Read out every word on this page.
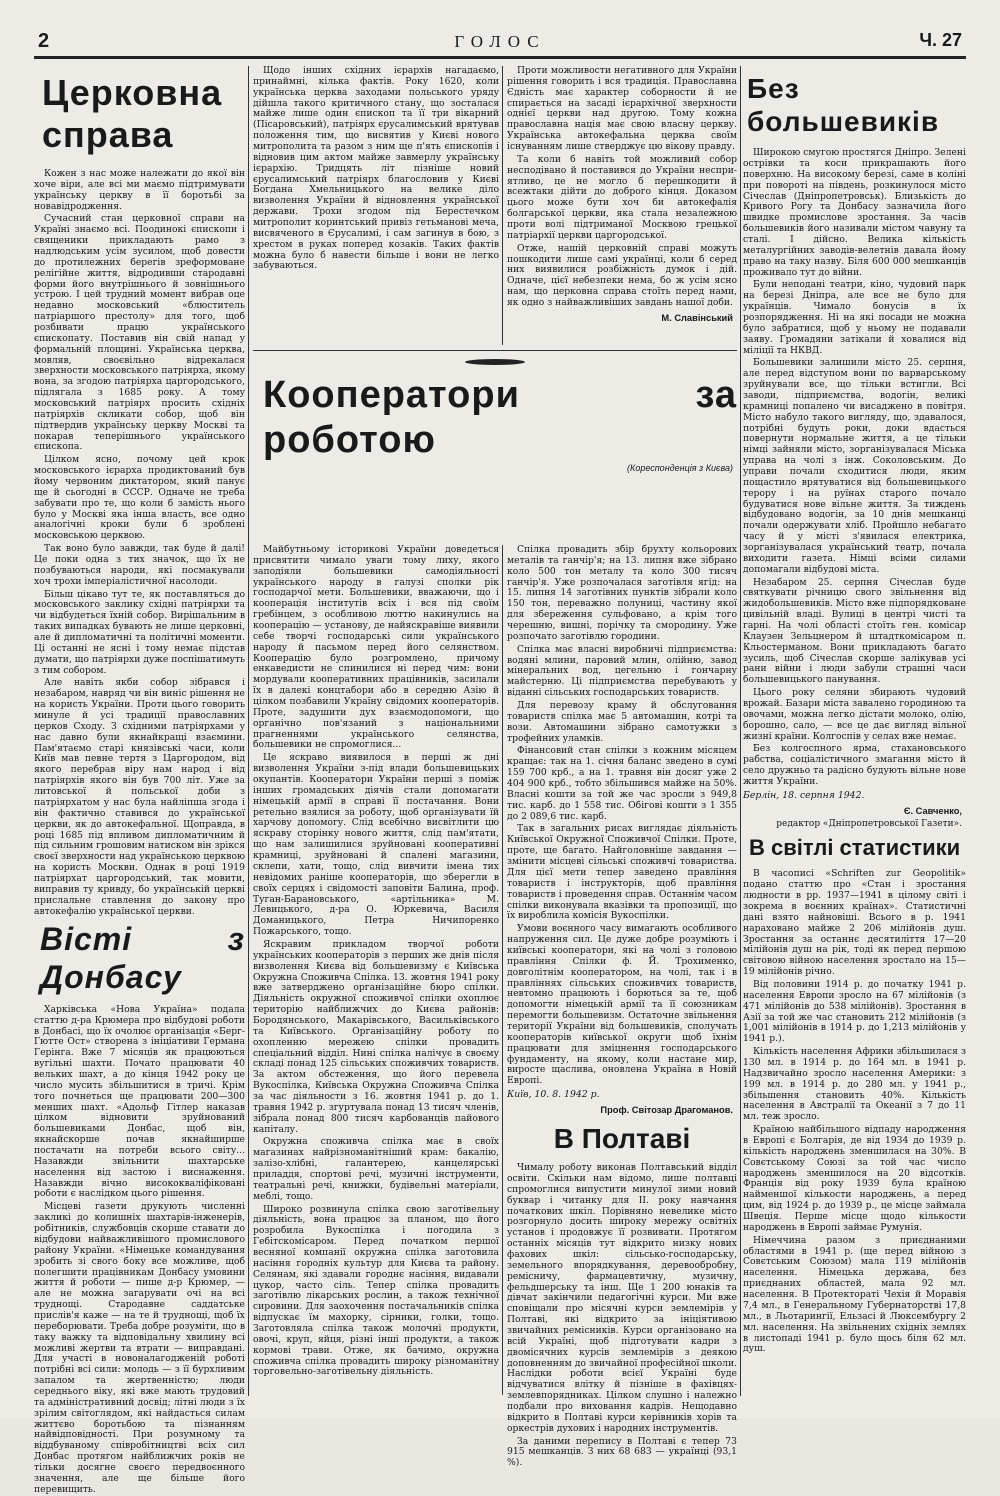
2	ГОЛОС	Ч. 27
Церковна справа

Кожен з нас може належати до якої він хоче віри, але всі ми маємо підтримувати українську церкву в її боротьбі за новавідродження.

Сучасний стан церковної справи на Україні знаємо всі. Поодинокі єпископи і священики прикладають рамо з надлюдським усім зусилом, щоб довести до протилежних берегів зреформоване релігійне життя, відродивши стародавні форми його внутрішнього й зовнішнього устрою. І цей трудний момент вибрав оце недавно московський «блюститель патріаршого престолу» для того, щоб розбивати працю українського єпископату. Поставив він свій напад у формальній площині. Українська церква, мовляв, своєвільно відрекалася зверхности московського патріярха, якому вона, за згодою патріярха царгородського, підлягала з 1685 року. А тому московський патріярх просить східніх патріярхів скликати собор, щоб він підтвердив українську церкву Москві та покарав теперішнього українського єпископа.

Цілком ясно, почому цей крок московського ієрарха продиктований був йому червоним диктатором, який панує ще й сьогодні в СССР. Одначе не треба забувати про те, що коли б замість нього було у Москві яка інша власть, все одно аналогічні кроки були б зроблені московською церквою.

Так воно було завжди, так буде й далі! Це поки одна з тих значок, що їх не позбуваються народи, які посмакували хоч трохи імперіалістичної насолоди.

Більш цікаво тут те, як поставляться до московського заклику східні патріярхи та чи відбудеться їхній собор. Вирішальним в таких випадках бувають не лише церковні, але й дипломатичні та політичні моменти. Ці останні не ясні і тому немає підстав думати, що патріярхи дуже поспішатимуть з тим собором.

Але навіть якби собор зібрався і незабаром, навряд чи він виніс рішення не на користь України. Проти цього говорить минуле й усі традиції православних церков Сходу. З східними патріярхами у нас давно були якнайкращі взаємини. Пам'ятаємо старі князівські часи, коли Київ мав певне тертя з Царгородом, від якого перебрав віру нам народ і від патріярхів якого він був 700 літ. Уже за литовської й польської доби з патріярхатом у нас була найліпша згода і він фактично ставився до української церкви, як до автокефальної. Щоправда, в році 1685 під впливом дипломатичним й під сильним грошовим натиском він зрікся своєї зверхности над українською церквою на користь Москви. Однак в році 1919 патріярхат царгородський, так мовити, виправив ту кривду, бо українській церкві прислальне ставлення до закону про автокефалію української церкви.

Вісті з Донбасу

Харківська «Нова Україна» подала статтю д-ра Крюмера про відбудові роботи в Донбасі, що їх очолює організація «Берг-Гютте Ост» створена з ініціативи Германа Герінга. Вже 7 місяців як працюються вугільні шахти. Почато працювати 40 вельких шахт, а до кінця 1942 року це число мусить збільшитися в тричі. Крім того почнеться ще працювати 200—300 менших шахт. «Адольф Гітлер наказав цілком відновити зруйнований большевиками Донбас, щоб він, якнайскорше почав якнайширше постачати на потреби всього світу... Назавжди звільнити шахтарське населення від застою і виснаження. Назавжди вічно висококваліфіковані роботи є наслідком цього рішення.

Місцеві газети друкують численні закликі до колишніх шахтарів-інженерів, робітників, службовців скорше ставати до відбудови найважливішого промислового району України. «Німецьке командування зробить зі свого боку все можливе, щоб полегшити працівникам Донбасу умовини життя й роботи — пише д-р Крюмер, — але не можна загарувати очі на всі труднощі. Стародавне саддатське прислів'я каже — на те й труднощі, щоб їх переборювати. Треба добре розуміти, що в таку важку та відповідальну хвилину всі можливі жертви та втрати — виправдані. Для участі в новоналагодженій роботі потрібні всі сили: молодь — з її бурхливим запалом та жертвенністю; люди середнього віку, які вже мають трудовий та адміністративний досвід; літні люди з їх зрілим світоглядом, які найдасться силам життєво боротьбою та пізнанням найвідповідності. При розумному та віддбуваному співробітництві всіх сил Донбас протягом найближчих років не тільки досягне своєго передвоєнного значення, але ще більше його перевищить.

Щодо інших східних ієрархів нагадаємо, принаймні, кілька фактів. Року 1620, коли українська церква заходами польського уряду дійшла такого критичного стану, що зосталася майже лише один єпископ та її три вікарний (Пісаровський), патріярх єрусалимський врятував положення тим, що висвятив у Києві нового митрополита та разом з ним ще п'ять єпископів і відновив цим актом майже завмерлу українську ієрархію. Тридцять літ пізніше новий єрусалимський патріярх благословив у Києві Богдана Хмельницького на велике діло визволення України й відновлення української держави. Трохи згодом під Берестечком митрополит коринтський привіз гетьманові меча, висвяченого в Єрусалимі, і сам загинув в бою, з хрестом в руках поперед козаків. Таких фактів можна було б навести більше і вони не легко забуваються.

Проти можливости негативного для України рішення говорить і вся традиція. Православна Єдність має характер соборности й не спирається на засаді ієрархічної зверхности однієї церкви над другою. Тому кожна православна нація має свою власну церкву. Українська автокефальна церква своїм існуванням лише стверджує цю вікову правду.

Та коли б навіть той можливий собор несподівано й поставився до України несприятливо, це не могло б перешкодити й всежтаки дійти до доброго кінця. Доказом цього може бути хоч би автокефалія болгарської церкви, яка стала незалежною проти волі підтриманої Москвою грецької патріархії церкви царгородської.

Отже, нашій церковній справі можуть пошкодити лише самі українці, коли б серед них виявилися розбіжність думок і дій. Одначе, цієї небезпеки нема, бо ж усім ясно нам, що церковна справа стоїть перед нами, як одно з найважливіших завдань нашої доби.

М. Славінський
Без большевиків

Широкою смугою простягся Дніпро. Зелені острівки та коси прикрашають його поверхню. На високому березі, саме в коліні при повороті на південь, розкинулося місто Січеслав (Дніпропетровськ). Близькість до Кривого Рогу та Донбасу зазначила його швидке промислове зростання. За часів большевиків його називали містом чавуну та сталі. І дійсно. Велика кількість металургійних заводів-велетнів давала йому право на таку назву. Біля 600 000 мешканців проживало тут до війни.

Були неподані театри, кіно, чудовий парк на березі Дніпра, але все не було для українців. Чимало бонусів в їх розпорядження. Ні на які посади не можна було забратися, щоб у ньому не подавали заяву. Громадяни затікали й ховалися від міліції та НКВД.

Большевики залишили місто 25. серпня, але перед відступом вони по варварському зруйнували все, що тільки встигли. Всі заводи, підприємства, водогін, великі крамниці попалено чи висаджено в повітря. Місто набуло такого вигляду, що, здавалося, потрібні будуть роки, доки вдасться повернути нормальне життя, а це тільки німці зайняли місто, зорганізувалася Міська управа на чолі з інж. Соколовським. До управи почали сходитися люди, яким пощастило врятуватися від большевицького терору і на руїнах старого почало будуватися нове вільне життя. За тиждень відбудовано водогін, за 10 днів мешканці почали одержувати хліб. Пройшло небагато часу й у місті з'явилася електрика, зорганізувалася український театр, почала виходити газета. Німці всіми силами допомагали відбудові міста.

Незабаром 25. серпня Січеслав буде святкувати річницю свого звільнення від жидобольшевиків. Місто вже підпорядковане цивільній владі. Вулиці в центрі чисті та гарні. На чолі області стоїть ген. комісар Клаузен Зельцнером й штадткомісаром п. Кльостерманом. Вони прикладають багато зусиль, щоб Січеслав скорше залікував усі рани війни і люди забули страшні часи большевицького панування.

Цього року селяни збирають чудовий врожай. Базари міста завалено городиною та овочами, можна легко дістати молоко, олію, борошно, сало, — все це дає вигляд вільної жизні країни. Колгоспів у селах вже немає.

Без колгоспного ярма, стахановського рабства, соціалістичного змагання місто й село дружньо та радісно будують вільне нове життя України.

Берлін, 18. серпня 1942.
Є. Савченко,
редактор «Дніпропетровської Газети».
В світлі статистики

В часописі «Schriften zur Geopolitik» подано статтю про «Стан і зростання людности в рр. 1937—1941 в цілому світі і зокрема в воєнних країнах». Статистичні дані взято найновіші. Всього в р. 1941 нараховано майже 2 206 мілійонів душ. Зростання за останнє десятиліття 17—20 мілійонів душ на рік, тоді як перед першою світовою війною населення зростало на 15—19 мілійонів річно.

Від половини 1914 р. до початку 1941 р. населення Европи зросло на 67 мілійонів (з 471 мілійонів до 538 мілійонів). Зростання в Азії за той же час становить 212 мілійонів (з 1,001 мілійонів в 1914 р. до 1,213 мілійонів у 1941 р.).

Кількість населення Африки збільшилася з 130 мл. в 1914 р. до 164 мл. в 1941 р. Надзвичайно зросло населення Америки: з 199 мл. в 1914 р. до 280 мл. у 1941 р., збільшення становить 40%. Кількість населення в Австралії та Океанії з 7 до 11 мл. теж зросло.

Країною найбільшого відпаду народження в Европі є Болгарія, де від 1934 до 1939 р. кількість народжень зменшилася на 30%. В Совєтському Союзі за той час число народжень зменшилося на 20 відсотків. Франція від року 1939 була країною найменшої кількости народжень, а перед цим, від 1924 р. до 1939 р., це місце займала Швеція. Перше місце щодо кількости народжень в Европі займає Румунія.

Німеччина разом з приєднаними областями в 1941 р. (ще перед війною з Совєтським Союзом) мала 119 мілійонів населення. Німецька держава, без приєднаних областей, мала 92 мл. населення. В Протектораті Чехія й Моравія 7,4 мл., в Генеральному Губернаторстві 17,8 мл., в Льотарингії, Ельзасі й Люксембургу 2 мл. населення. На звільнених східніх землях в листопаді 1941 р. було щось біля 62 мл. душ.

Кооператори за роботою
(Кореспонденція з Києва)

Майбутньому історикові України доведеться присвятити чимало уваги тому лиху, якого заподіяли большевики самодіяльності українського народу в галузі сполки рік господарчої мети. Большевики, вважаючи, що і кооперація інститутів всіх і вся під своїм гребінцем, з особливою люттю накинулись на кооперацію — установу, де найяскравіше виявили себе творчі господарські сили українського народу й пасьмом перед його селянством. Кооперацію було розгромлено, причому енкаведисти не спинилися ні перед чим: вони мордували кооперативних працівників, засилали їх в далекі концтабори або в середню Азію й цілком позбавили Україну свідомих кооператорів. Проте, задушити дух взаємодопомоги, що органічно пов'язаний з національними прагненнями українського селянства, большевики не спромоглися...

Це яскраво виявилося в перші ж дні визволення України з-під влади большевицьких окупантів. Кооператори України перші з поміж інших громадських діячів стали допомагати німецькій армії в справі її постачання. Вони ретельно взялися за роботу, щоб організувати їй харчову допомогу. Слід всебічно висвітлити цю яскраву сторінку нового життя, слід пам'ятати, що нам залишилися зруйновані кооперативні крамниці, зруйновані й спалені магазини, склепи, хати, тощо, слід вивчити імена тих невідомих раніше кооператорів, що зберегли в своїх серцях і свідомості заповіти Балина, проф. Туган-Барановського, «артільника» М. Левицького, д-ра О. Юркевича, Василя Доманицького, Петра Ничипоренко Пожарського, тощо.

Яскравим прикладом творчої роботи українських кооператорів з перших же днів після визволення Києва від большевизму є Київська Окружна Споживча Спілка. 13. жовтня 1941 року вже затверджено організаційне бюро спілки. Діяльність окружної споживчої спілки охоплює територію найближчих до Києва районів: Бородянського, Макарівського, Васильківського та Київського. Організаційну роботу по охопленню мережею спілки провадить спеціальний відділ. Нині спілка налічує в своєму складі понад 125 сільських споживчих товариств. За актом обстеження, що його перевела Вукоспілка, Київська Окружна Споживча Спілка за час діяльности з 16. жовтня 1941 р. до 1. травня 1942 р. згуртувала понад 13 тисяч членів, зібрала понад 800 тисяч карбованців пайового капіталу.

Окружна споживча спілка має в своїх магазинах найрізноманітніший крам: бакалію, залізо-хлібні, галантерею, канцелярські приладдя, спортові речі, музичні інструменти, театральні речі, книжки, будівельні матеріали, меблі, тощо.

Широко розвинула спілка свою заготівельну діяльність, вона працює за планом, що його розробила Вукоспілка і погодила з Гебітскомісаром. Перед початком першої весняної компанії окружна спілка заготовила насіння городніх культур для Києва та району. Селянам, які здавали городнє насіння, видавали цукор, часто сіль. Тепер спілка провадить заготівлю лікарських рослин, а також технічної сировини. Для заохочення постачальників спілка відпускає їм махорку, сірники, голки, тощо. Заготовляла спілка також молочні продукти, овочі, круп, яйця, різні інші продукти, а також кормові трави. Отже, як бачимо, окружна споживча спілка провадить широку різноманітну торговельно-заготівельну діяльність.

Спілка провадить збір брухту кольорових металів та ганчір'я; на 13. липня вже зібрано коло 500 тон металу та коло 300 тисяч ганчір'я. Уже розпочалася заготівля ягід: на 15. липня 14 заготівних пунктів зібрали коло 150 тон, переважно полуниці, частину якої для збереження сульфовано, а крім того черешню, вишні, порічку та смородину. Уже розпочато заготівлю городини.

Спілка має власні виробничі підприємства: водяні млини, паровий млин, олійню, завод мінеральних вод, цегельню і гончарну майстерню. Ці підприємства перебувають у віданні сільських господарських товариств.

Для перевозу краму й обслуговання товариств спілка має 5 автомашин, котрі та вози. Автомашини зібрано самотужки з трофейних уламків.

Фінансовий стан спілки з кожним місяцем кращає: так на 1. січня баланс зведено в сумі 159 700 крб., а на 1. травня він досяг уже 2 404 900 крб., тобто збільшився майже на 50%. Власні кошти за той же час зросли з 949,8 тис. карб. до 1 558 тис. Обігові кошти з 1 355 до 2 089,6 тис. карб.

Так в загальних рисах виглядає діяльність Київської Окружної Споживчої Спілки. Проте, проте, ще багато. Найголовніше завдання — змінити місцеві сільські споживчі товариства. Для цієї мети тепер заведено правління товариств і інструкторів, щоб правління товариств і проведення справ. Останнім часом спілки виконувала вказівки та пропозиції, що їх вироблила комісія Вукоспілки.

Умови воєнного часу вимагають особливого напруження сил. Це дуже добре розуміють і київські кооператори, які на чолі з головою правління Спілки ф. Й. Трохименко, довголітнім кооператором, на чолі, так і в правліннях сільських споживчих товариств, невтомно працюють і борються за те, щоб допомогти німецькій армії та її союзникам перемогти большевизм. Остаточне звільнення території України від большевиків, сполучать кооператорів київської округи щоб їхнім працювати для зміцнення господарського фундаменту, на якому, коли настане мир, виросте щаслива, оновлена Україна в Новій Европі.

Київ, 10. 8. 1942 р.
Проф. Світозар Драгоманов.
В Полтаві

Чималу роботу виконав Полтавський відділ освіти. Скільки нам відомо, лише полтавці спромоглися випустити минулої зими новий буквар і читанку для II. року навчання початкових шкіл. Порівняно невелике місто розгорнуло досить широку мережу освітніх установ і продовжує її розвивати. Протягом останніх місяців тут відкрито низку нових фахових шкіл: сільсько-господарську, земельного впорядкування, деревообробну, ремісничу, фармацевтичну, музичну, фельдшерську та інш. Ще 1 200 юнаків та дівчат закінчили педагогічні курси. Ми вже сповіщали про місячні курси землемірів у Полтаві, які відкрито за ініціятивою звичайних ремісників. Курси організовано на всій Україні, щоб підготувати кадри з двомісячних курсів землемірів з деякою доповненням до звичайної професійної школи. Наслідки роботи всієї Україні буде відчуватися влітку й пізніше в фахівцях-землевпорядниках. Цілком слушно і належно подбали про виховання кадрів. Нещодавно відкрито в Полтаві курси керівників хорів та оркестрів духових і народних інструментів.

За даними перепису в Полтаві є тепер 73 915 мешканців. З них 68 683 — українці (93,1 %).
